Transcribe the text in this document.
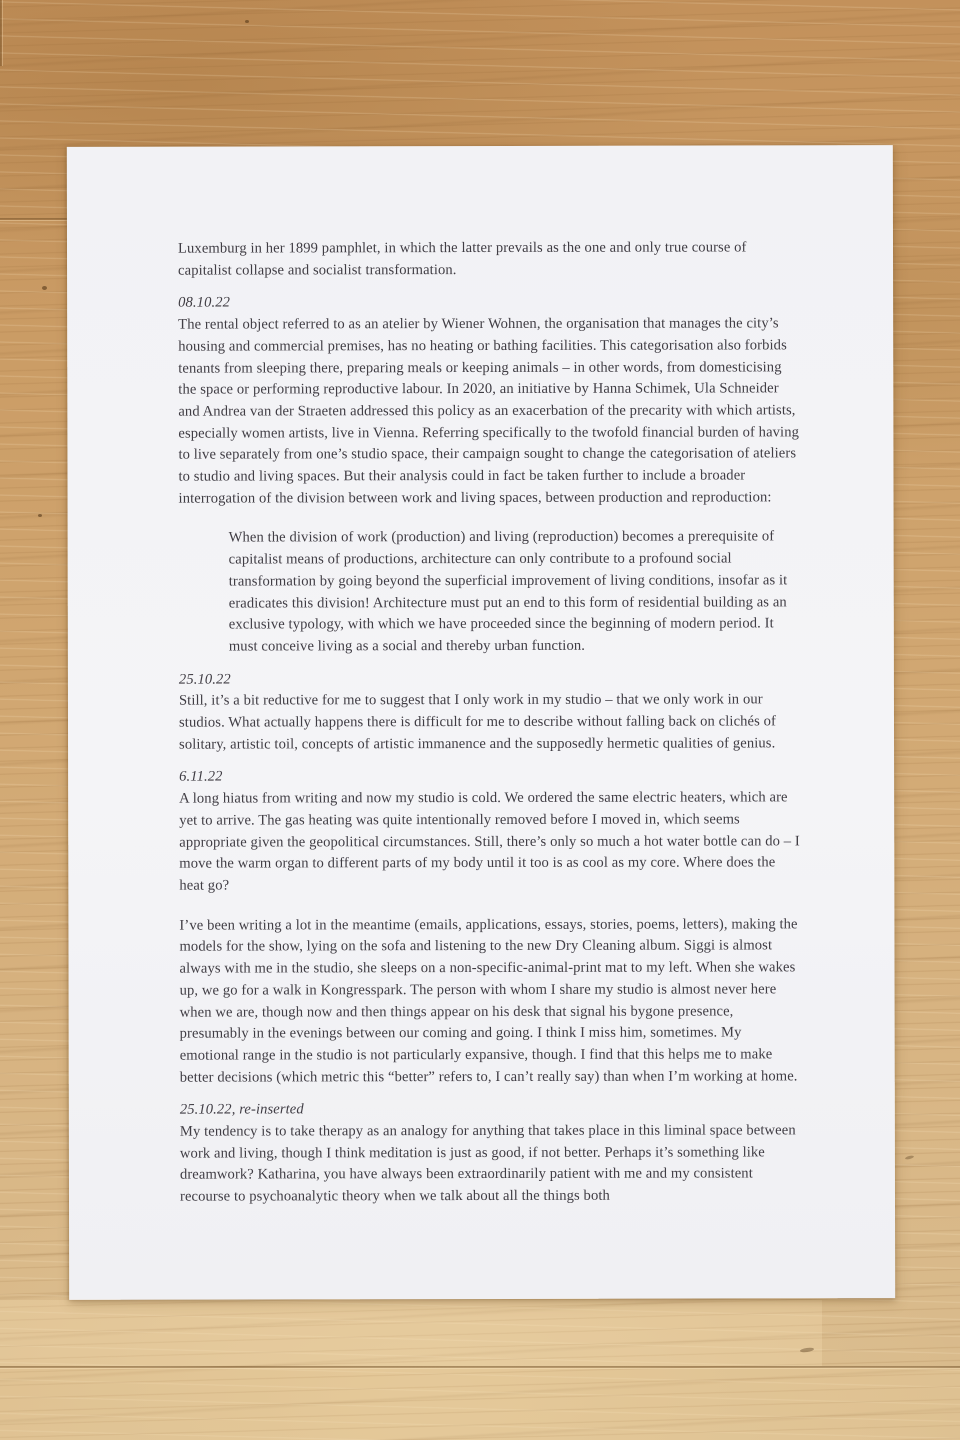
Luxemburg in her 1899 pamphlet, in which the latter prevails as the one and only true course of capitalist collapse and socialist transformation.

08.10.22

The rental object referred to as an atelier by Wiener Wohnen, the organisation that manages the city’s housing and commercial premises, has no heating or bathing facilities. This categorisation also forbids tenants from sleeping there, preparing meals or keeping animals – in other words, from domesticising the space or performing reproductive labour. In 2020, an initiative by Hanna Schimek, Ula Schneider and Andrea van der Straeten addressed this policy as an exacerbation of the precarity with which artists, especially women artists, live in Vienna. Referring specifically to the twofold financial burden of having to live separately from one’s studio space, their campaign sought to change the categorisation of ateliers to studio and living spaces. But their analysis could in fact be taken further to include a broader interrogation of the division between work and living spaces, between production and reproduction:

When the division of work (production) and living (reproduction) becomes a prerequisite of capitalist means of productions, architecture can only contribute to a profound social transformation by going beyond the superficial improvement of living conditions, insofar as it eradicates this division! Architecture must put an end to this form of residential building as an exclusive typology, with which we have proceeded since the beginning of modern period. It must conceive living as a social and thereby urban function.

25.10.22

Still, it’s a bit reductive for me to suggest that I only work in my studio – that we only work in our studios. What actually happens there is difficult for me to describe without falling back on clichés of solitary, artistic toil, concepts of artistic immanence and the supposedly hermetic qualities of genius.

6.11.22

A long hiatus from writing and now my studio is cold. We ordered the same electric heaters, which are yet to arrive. The gas heating was quite intentionally removed before I moved in, which seems appropriate given the geopolitical circumstances. Still, there’s only so much a hot water bottle can do – I move the warm organ to different parts of my body until it too is as cool as my core. Where does the heat go?

I’ve been writing a lot in the meantime (emails, applications, essays, stories, poems, letters), making the models for the show, lying on the sofa and listening to the new Dry Cleaning album. Siggi is almost always with me in the studio, she sleeps on a non-specific-animal-print mat to my left. When she wakes up, we go for a walk in Kongresspark. The person with whom I share my studio is almost never here when we are, though now and then things appear on his desk that signal his bygone presence, presumably in the evenings between our coming and going. I think I miss him, sometimes. My emotional range in the studio is not particularly expansive, though. I find that this helps me to make better decisions (which metric this “better” refers to, I can’t really say) than when I’m working at home.

25.10.22, re-inserted

My tendency is to take therapy as an analogy for anything that takes place in this liminal space between work and living, though I think meditation is just as good, if not better. Perhaps it’s something like dreamwork? Katharina, you have always been extraordinarily patient with me and my consistent recourse to psychoanalytic theory when we talk about all the things both
